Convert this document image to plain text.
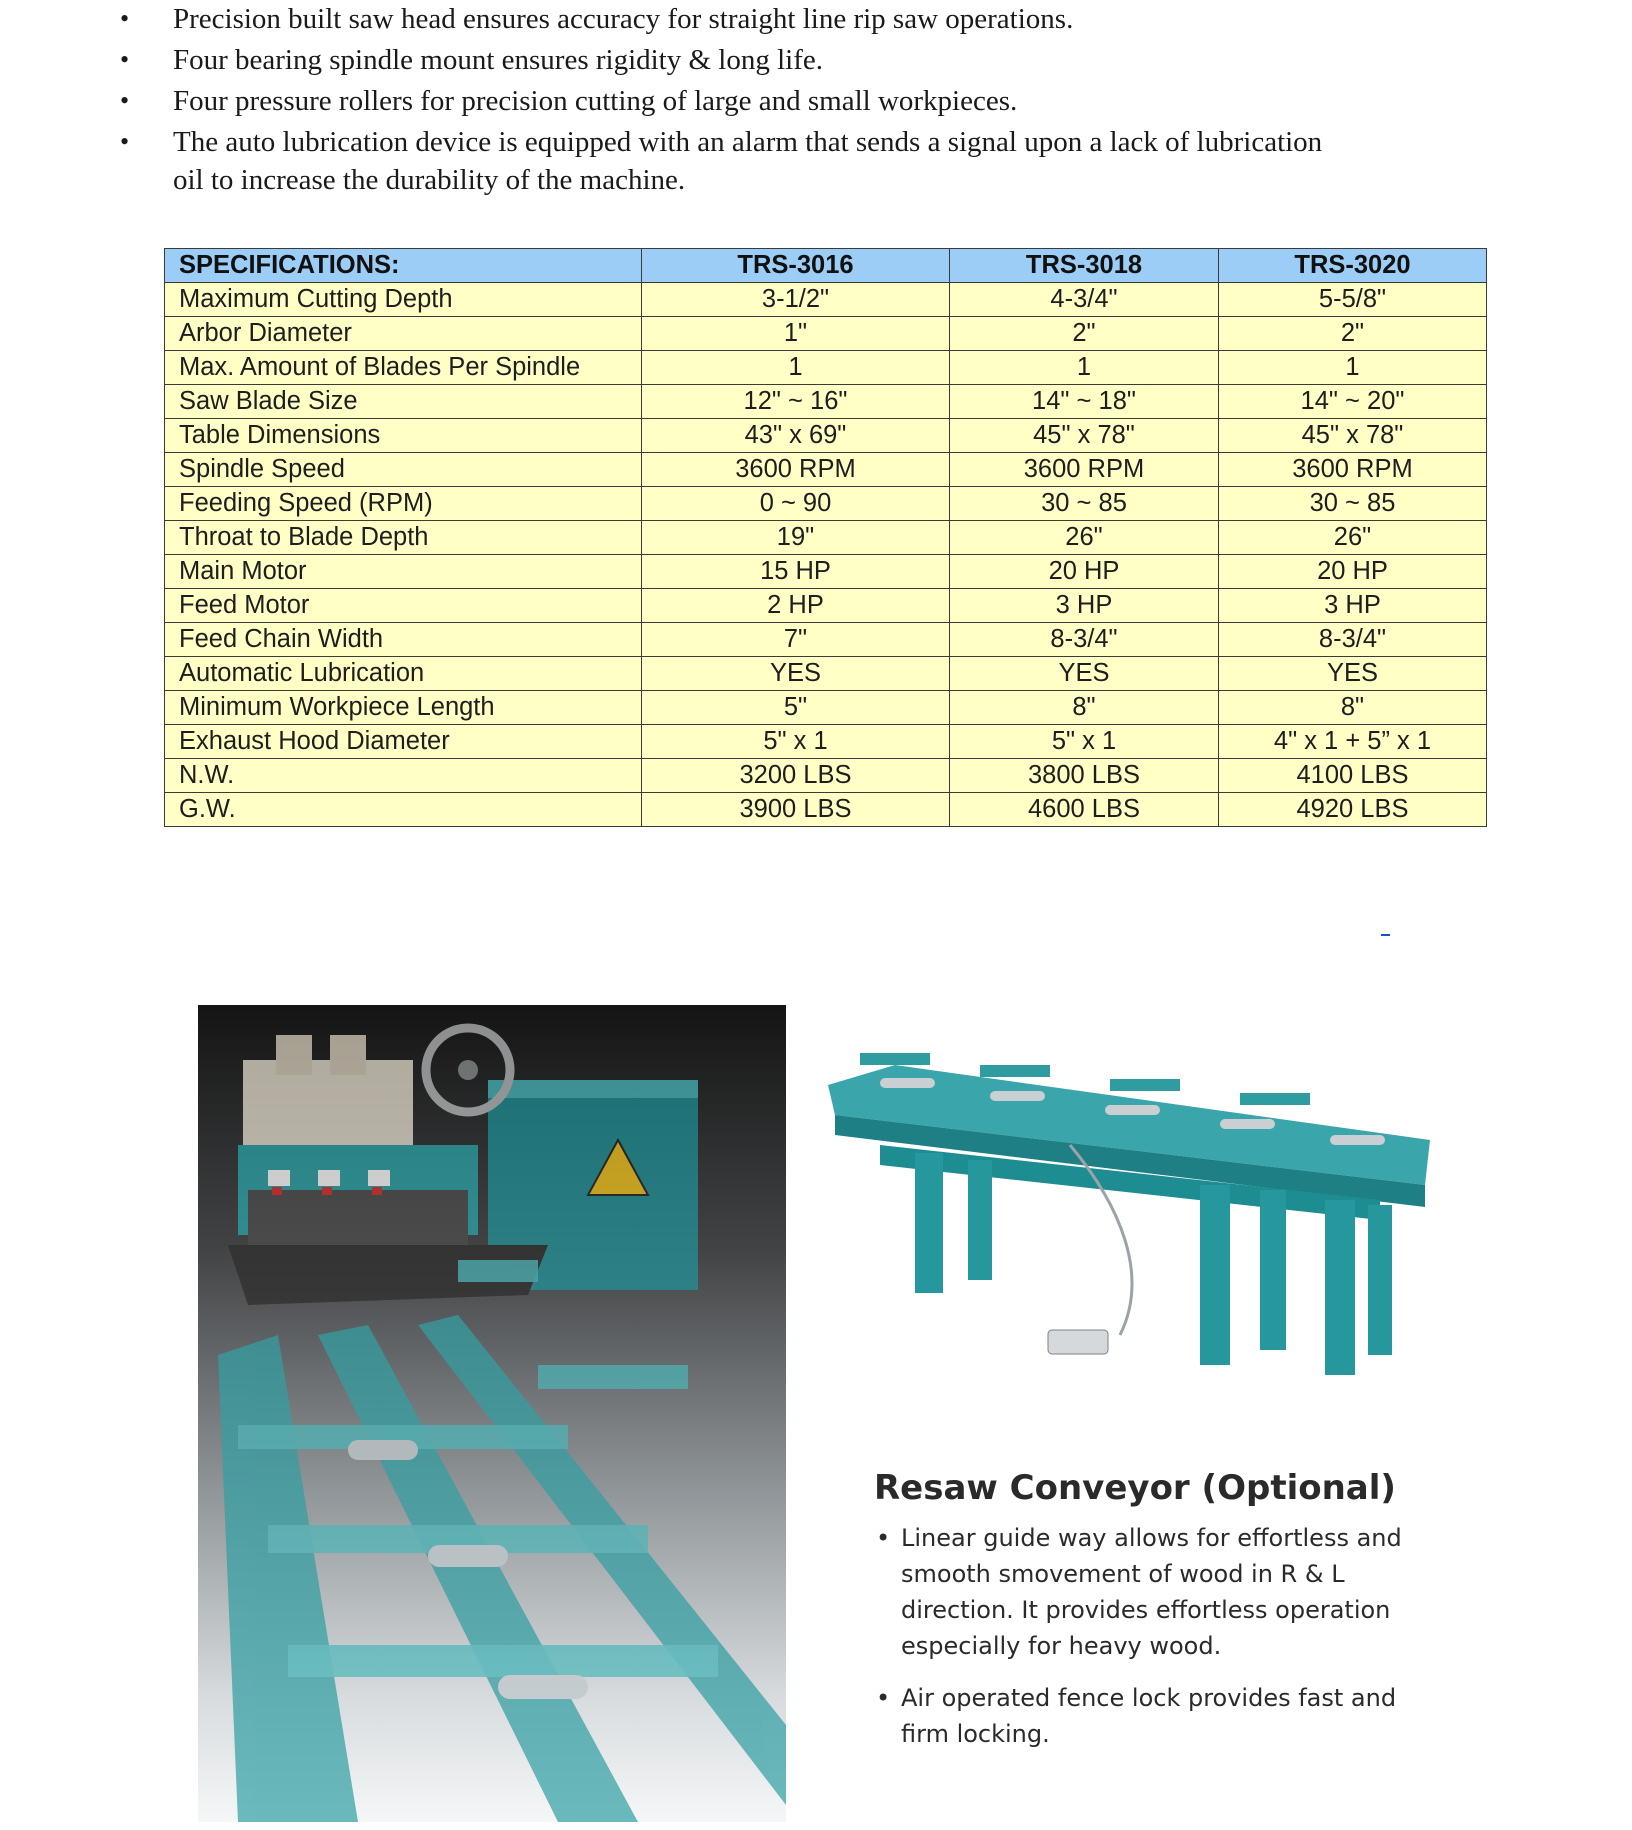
• Precision built saw head ensures accuracy for straight line rip saw operations.
• Four bearing spindle mount ensures rigidity & long life.
• Four pressure rollers for precision cutting of large and small workpieces.
• The auto lubrication device is equipped with an alarm that sends a signal upon a lack of lubrication oil to increase the durability of the machine.
SPECIFICATIONS:	TRS-3016	TRS-3018	TRS-3020
Maximum Cutting Depth	3-1/2"	4-3/4"	5-5/8"
Arbor Diameter	1"	2"	2"
Max. Amount of Blades Per Spindle	1	1	1
Saw Blade Size	12" ~ 16"	14" ~ 18"	14" ~ 20"
Table Dimensions	43" x 69"	45" x 78"	45" x 78"
Spindle Speed	3600 RPM	3600 RPM	3600 RPM
Feeding Speed (RPM)	0 ~ 90	30 ~ 85	30 ~ 85
Throat to Blade Depth	19"	26"	26"
Main Motor	15 HP	20 HP	20 HP
Feed Motor	2 HP	3 HP	3 HP
Feed Chain Width	7"	8-3/4"	8-3/4"
Automatic Lubrication	YES	YES	YES
Minimum Workpiece Length	5"	8"	8"
Exhaust Hood Diameter	5" x 1	5" x 1	4" x 1 + 5” x 1
N.W.	3200 LBS	3800 LBS	4100 LBS
G.W.	3900 LBS	4600 LBS	4920 LBS
Resaw Conveyor (Optional)
• Linear guide way allows for effortless and smooth smovement of wood in R & L direction. It provides effortless operation especially for heavy wood.
• Air operated fence lock provides fast and firm locking.
